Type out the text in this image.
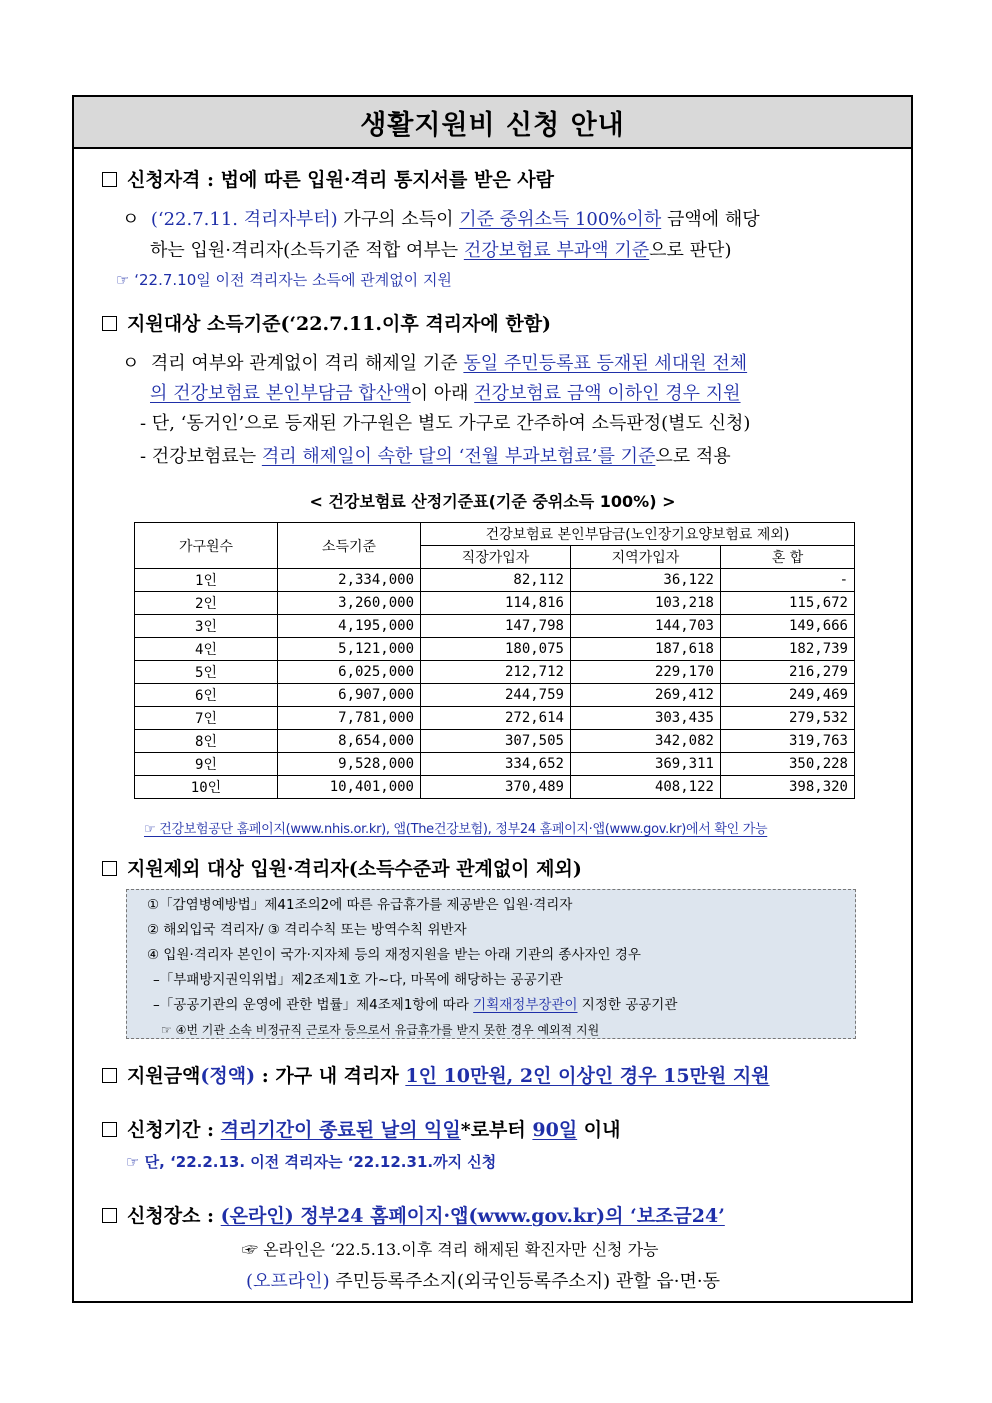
생활지원비 신청 안내
신청자격 : 법에 따른 입원·격리 통지서를 받은 사람
ㅇ (‘22.7.11. 격리자부터) 가구의 소득이 기준 중위소득 100%이하 금액에 해당
하는 입원·격리자(소득기준 적합 여부는 건강보험료 부과액 기준으로 판단)
☞ ‘22.7.10일 이전 격리자는 소득에 관계없이 지원
지원대상 소득기준(‘22.7.11.이후 격리자에 한함)
ㅇ 격리 여부와 관계없이 격리 해제일 기준 동일 주민등록표 등재된 세대원 전체
의 건강보험료 본인부담금 합산액이 아래 건강보험료 금액 이하인 경우 지원
- 단, ‘동거인’으로 등재된 가구원은 별도 가구로 간주하여 소득판정(별도 신청)
- 건강보험료는 격리 해제일이 속한 달의 ‘전월 부과보험료’를 기준으로 적용
< 건강보험료 산정기준표(기준 중위소득 100%) >
가구원수	소득기준	건강보험료 본인부담금(노인장기요양보험료 제외)		
		직장가입자	지역가입자	혼 합
1인	2,334,000	82,112	36,122	-
2인	3,260,000	114,816	103,218	115,672
3인	4,195,000	147,798	144,703	149,666
4인	5,121,000	180,075	187,618	182,739
5인	6,025,000	212,712	229,170	216,279
6인	6,907,000	244,759	269,412	249,469
7인	7,781,000	272,614	303,435	279,532
8인	8,654,000	307,505	342,082	319,763
9인	9,528,000	334,652	369,311	350,228
10인	10,401,000	370,489	408,122	398,320
☞ 건강보험공단 홈페이지(www.nhis.or.kr), 앱(The건강보험), 정부24 홈페이지·앱(www.gov.kr)에서 확인 가능
지원제외 대상 입원·격리자(소득수준과 관계없이 제외)
①「감염병예방법」제41조의2에 따른 유급휴가를 제공받은 입원·격리자
② 해외입국 격리자/ ③ 격리수칙 또는 방역수칙 위반자
④ 입원·격리자 본인이 국가·지자체 등의 재정지원을 받는 아래 기관의 종사자인 경우
–「부패방지권익위법」제2조제1호 가~다, 마목에 해당하는 공공기관
–「공공기관의 운영에 관한 법률」제4조제1항에 따라 기획재정부장관이 지정한 공공기관
☞ ④번 기관 소속 비정규직 근로자 등으로서 유급휴가를 받지 못한 경우 예외적 지원
지원금액(정액) : 가구 내 격리자 1인 10만원, 2인 이상인 경우 15만원 지원
신청기간 : 격리기간이 종료된 날의 익일*로부터 90일 이내
☞ 단, ‘22.2.13. 이전 격리자는 ‘22.12.31.까지 신청
신청장소 : (온라인) 정부24 홈페이지·앱(www.gov.kr)의 ‘보조금24’
☞ 온라인은 ‘22.5.13.이후 격리 해제된 확진자만 신청 가능
(오프라인) 주민등록주소지(외국인등록주소지) 관할 읍·면·동
